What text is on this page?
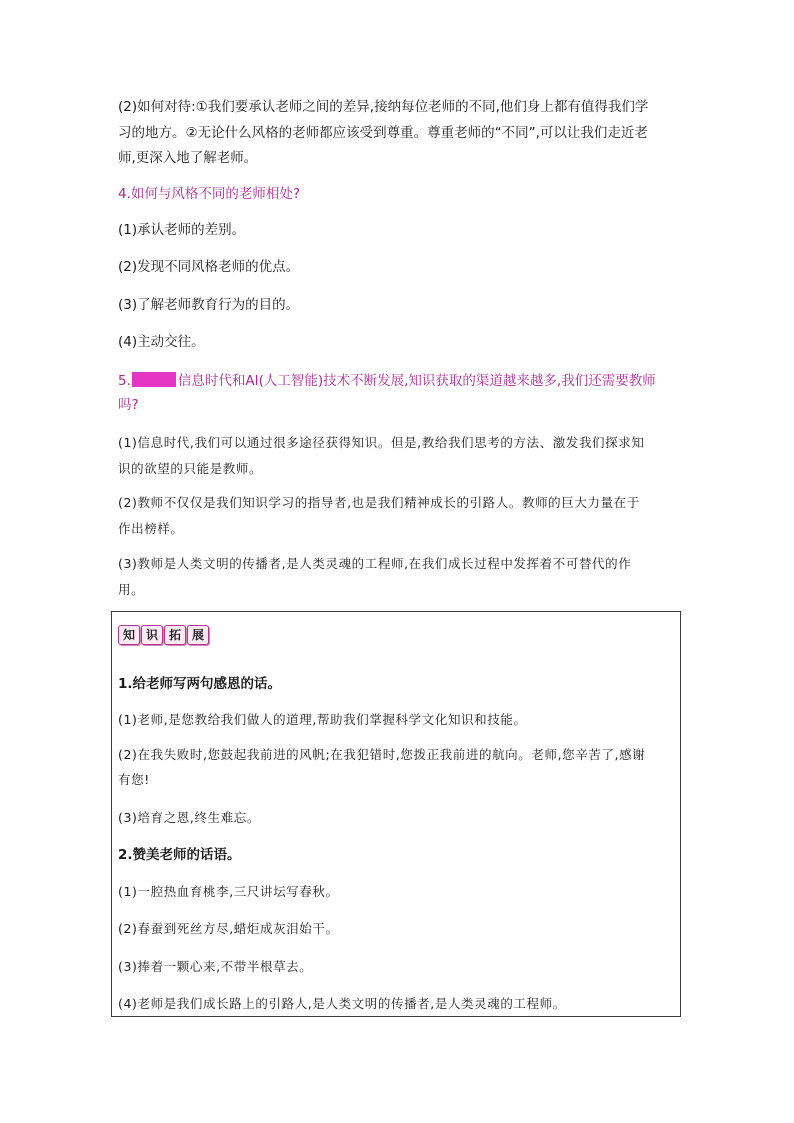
(2)如何对待:①我们要承认老师之间的差异,接纳每位老师的不同,他们身上都有值得我们学

习的地方。②无论什么风格的老师都应该受到尊重。尊重老师的“不同”,可以让我们走近老

师,更深入地了解老师。

4.如何与风格不同的老师相处?

(1)承认老师的差别。

(2)发现不同风格老师的优点。

(3)了解老师教育行为的目的。

(4)主动交往。

5.	信息时代和AI(人工智能)技术不断发展,知识获取的渠道越来越多,我们还需要教师

吗?

(1)信息时代,我们可以通过很多途径获得知识。但是,教给我们思考的方法、激发我们探求知

识的欲望的只能是教师。

(2)教师不仅仅是我们知识学习的指导者,也是我们精神成长的引路人。教师的巨大力量在于

作出榜样。

(3)教师是人类文明的传播者,是人类灵魂的工程师,在我们成长过程中发挥着不可替代的作

用。

知 识 拓 展

1.给老师写两句感恩的话。

(1)老师,是您教给我们做人的道理,帮助我们掌握科学文化知识和技能。

(2)在我失败时,您鼓起我前进的风帆;在我犯错时,您拨正我前进的航向。老师,您辛苦了,感谢

有您!

(3)培育之恩,终生难忘。

2.赞美老师的话语。

(1)一腔热血育桃李,三尺讲坛写春秋。

(2)春蚕到死丝方尽,蜡炬成灰泪始干。

(3)捧着一颗心来,不带半根草去。

(4)老师是我们成长路上的引路人,是人类文明的传播者,是人类灵魂的工程师。
